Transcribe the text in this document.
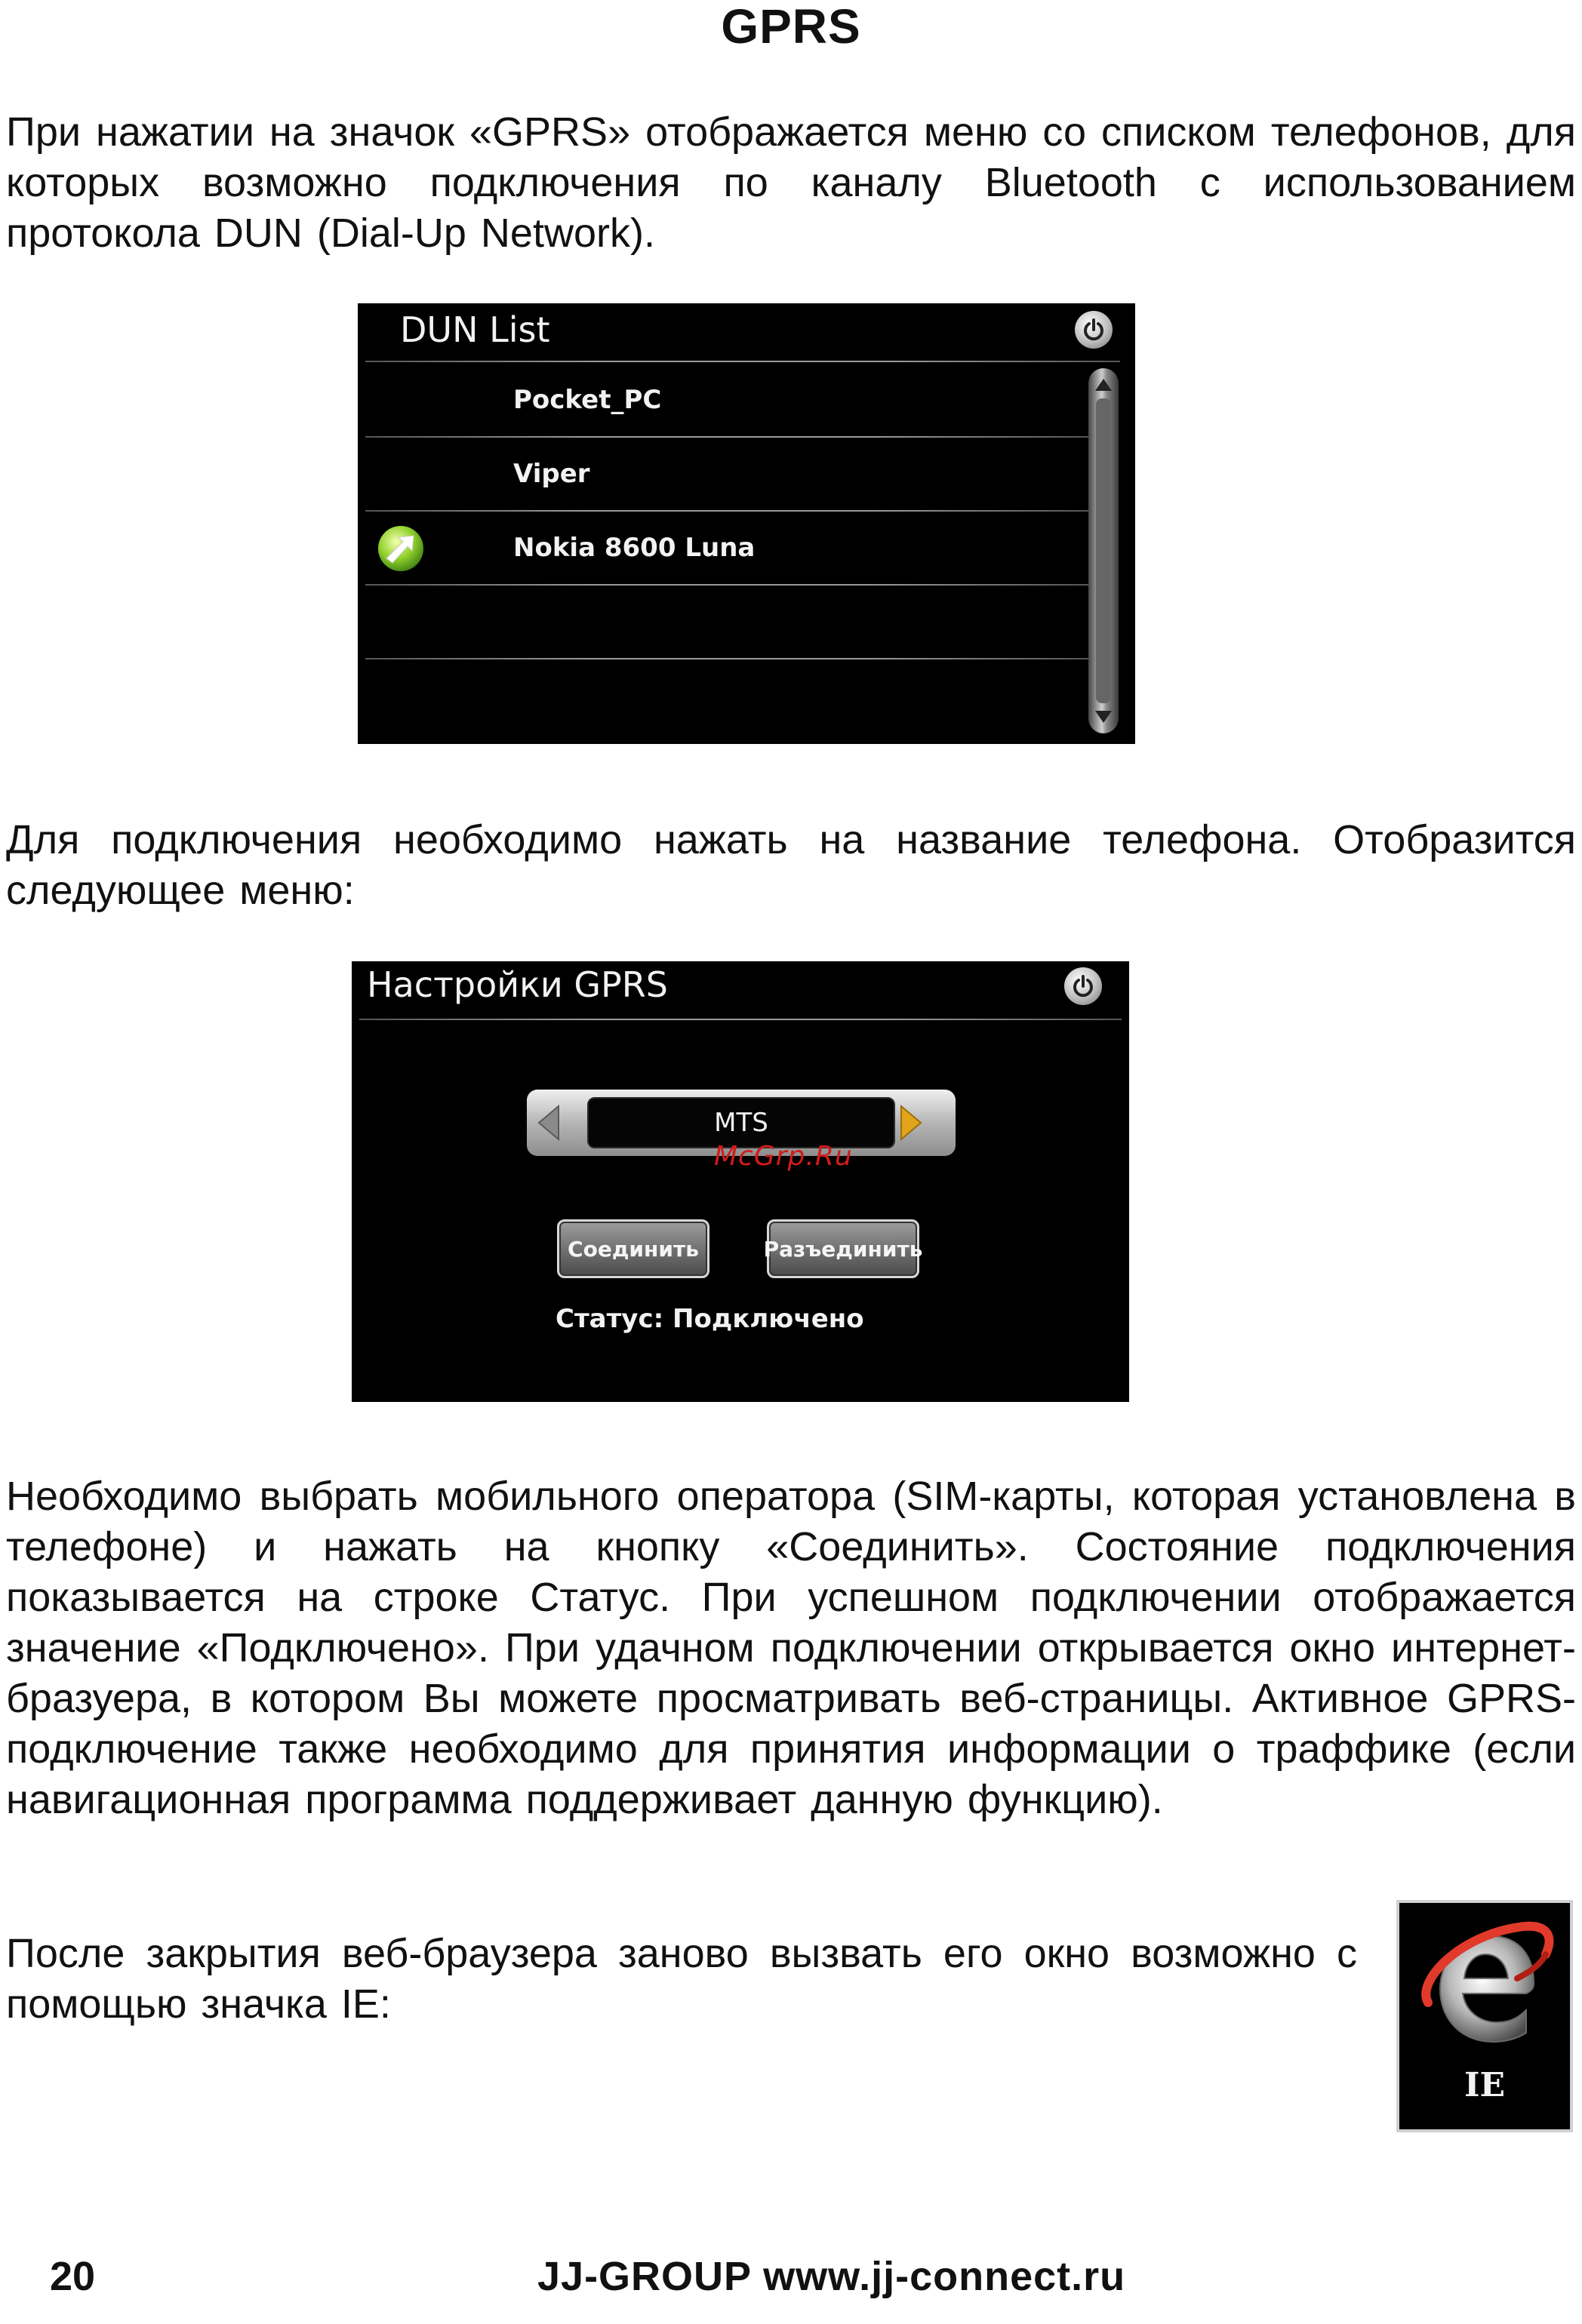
GPRS
При нажатии на значок «GPRS» отображается меню со списком телефонов, для которых возможно подключения по каналу Bluetooth с использованием протокола DUN (Dial-Up Network).
DUN List
Pocket_PC
Viper
Nokia 8600 Luna
Для подключения необходимо нажать на название телефона. Отобразится следующее меню:
Настройки GPRS
MTS
McGrp.Ru
Соединить	Разъединить
Статус: Подключено
Необходимо выбрать мобильного оператора (SIM-карты, которая установлена в телефоне) и нажать на кнопку «Соединить». Состояние подключения показывается на строке Статус. При успешном подключении отображается значение «Подключено». При удачном подключении открывается окно интернет-бразуера, в котором Вы можете просматривать веб-страницы. Активное GPRS-подключение также необходимо для принятия информации о траффике (если навигационная программа поддерживает данную функцию).
После закрытия веб-браузера заново вызвать его окно возможно с помощью значка IE:
IE
20	JJ-GROUP www.jj-connect.ru
